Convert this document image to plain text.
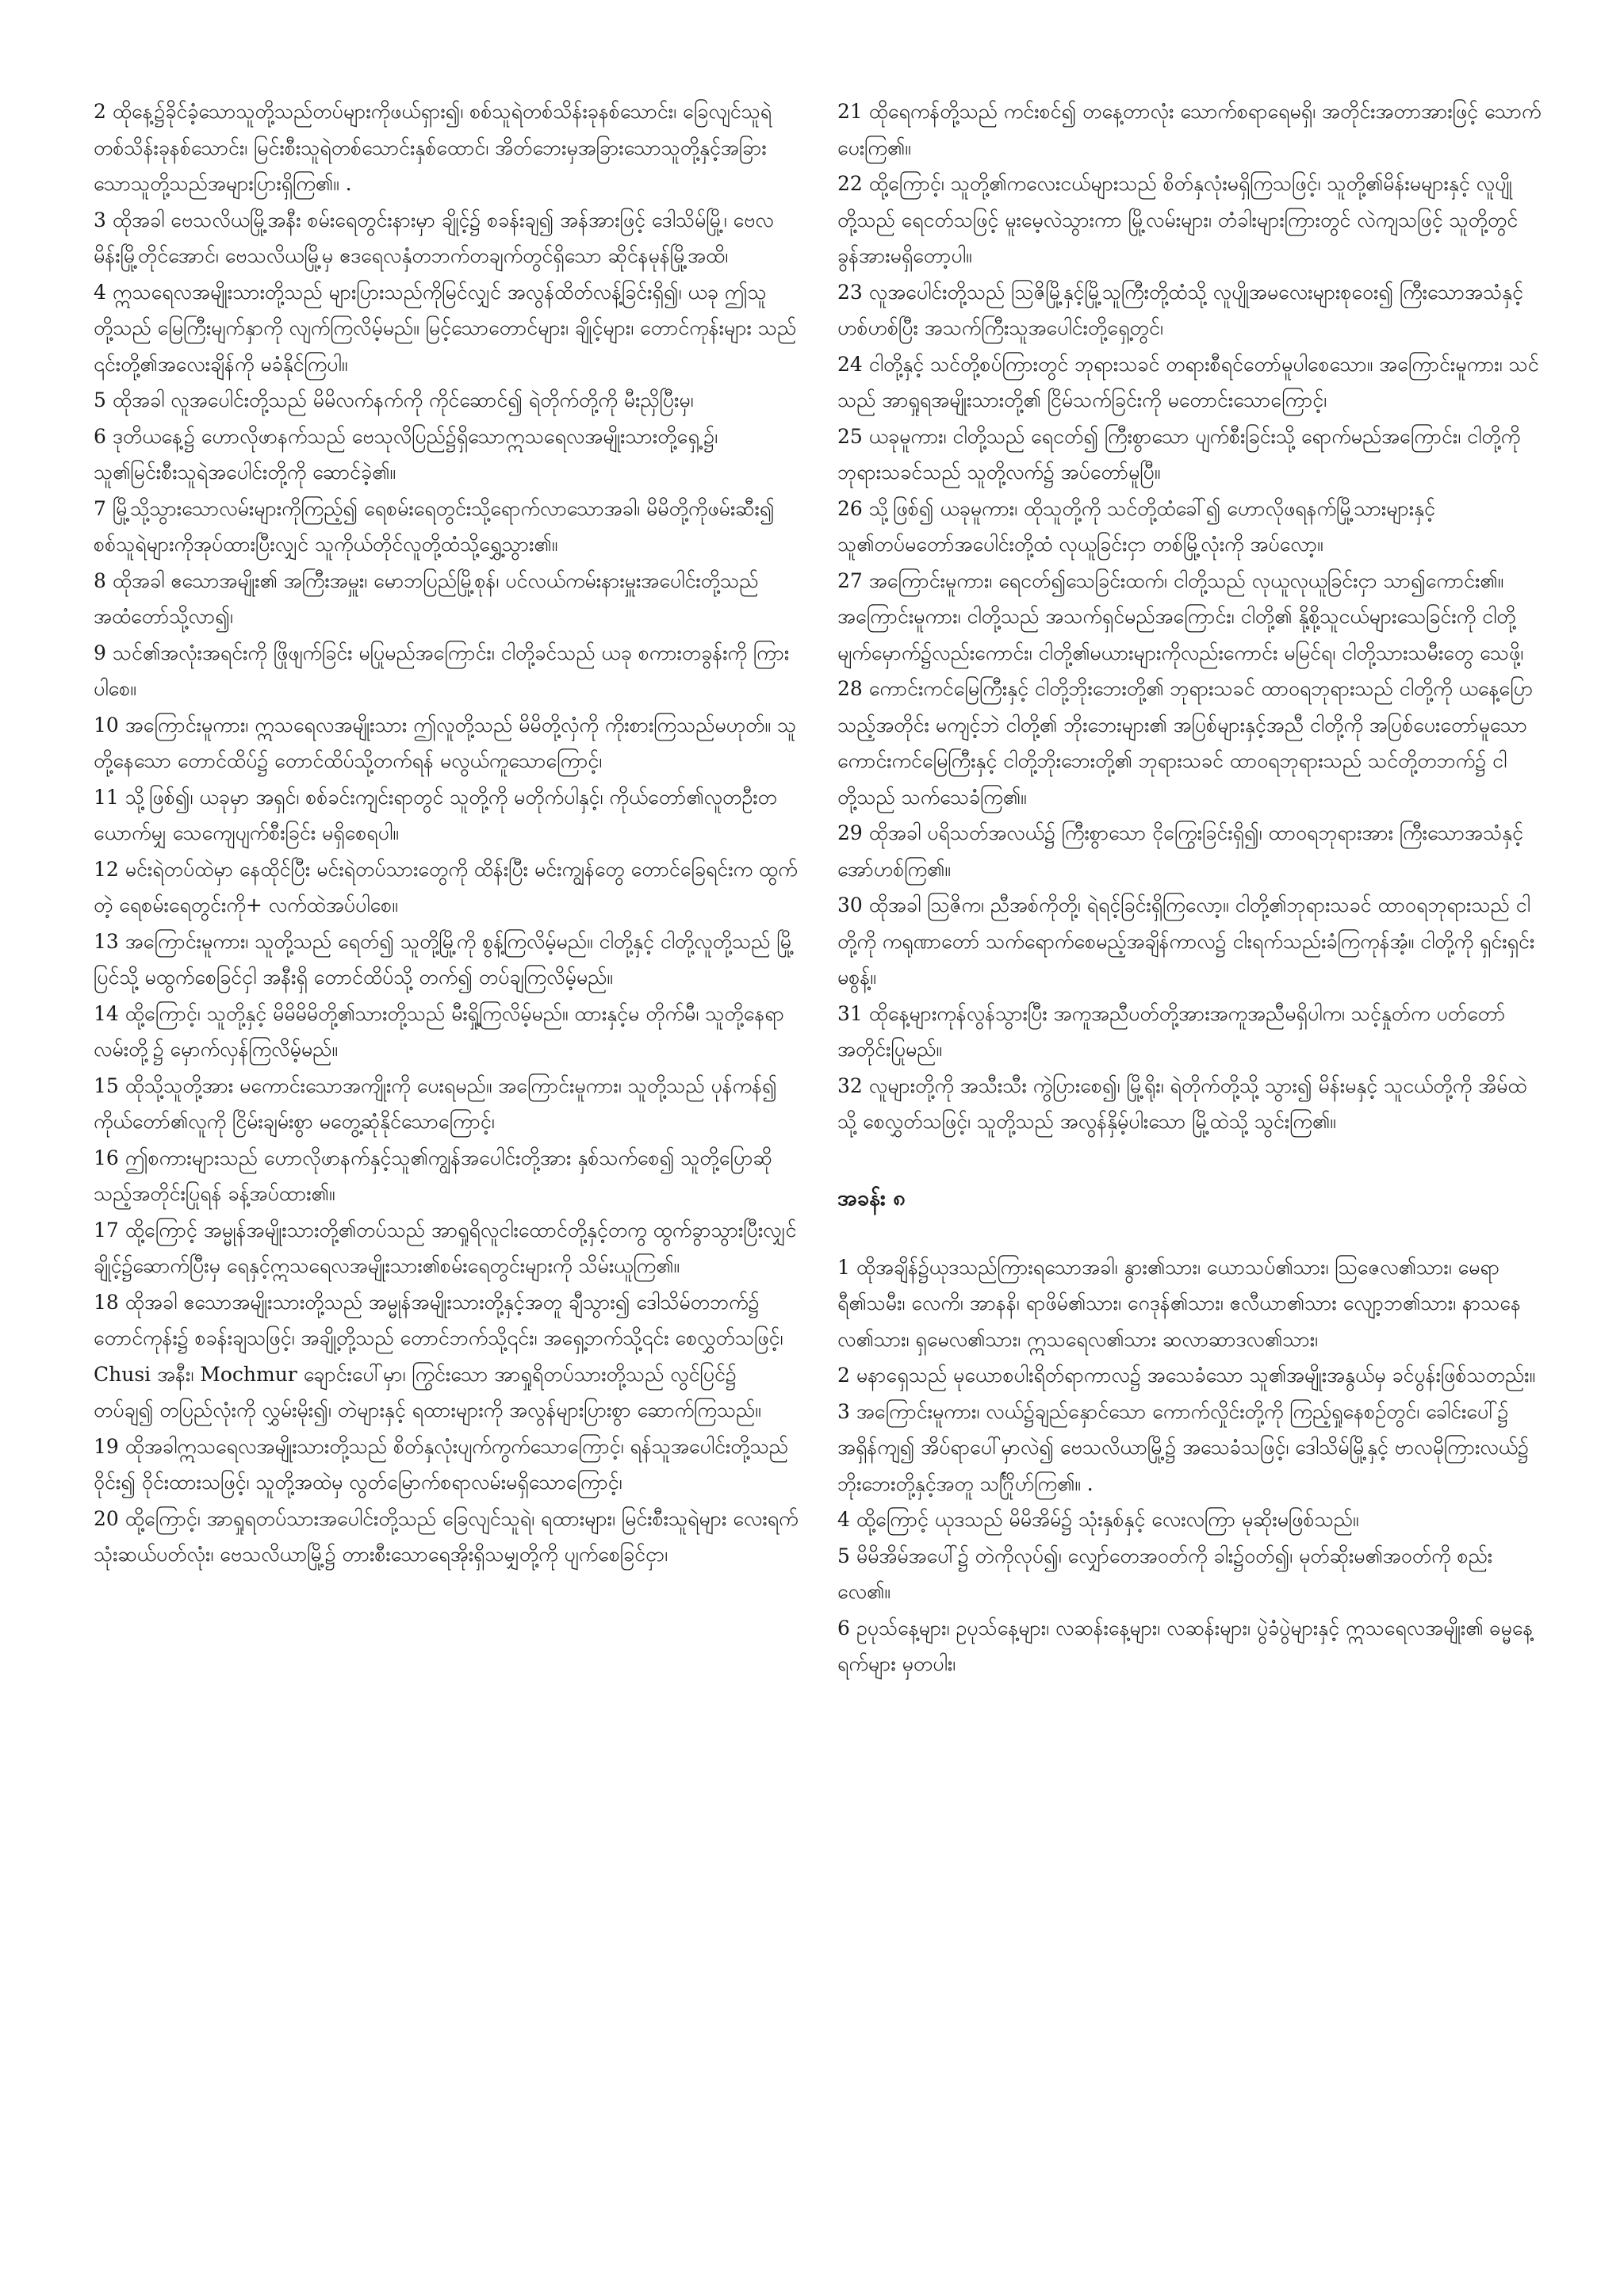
2 ထိုနေ့၌ခိုင်ခံ့သောသူတို့သည်တပ်များကိုဖယ်ရှား၍၊ စစ်သူရဲတစ်သိန်းခုနစ်သောင်း၊ ခြေလျင်သူရဲတစ်သိန်းခုနစ်သောင်း၊ မြင်းစီးသူရဲတစ်သောင်းနှစ်ထောင်၊ အိတ်ဘေးမှအခြားသောသူတို့နှင့်အခြားသောသူတို့သည်အများပြားရှိကြ၏။ .

3 ထိုအခါ ဗေသလိယမြို့အနီး စမ်းရေတွင်းနားမှာ ချိုင့်၌ စခန်းချ၍ အန်အားဖြင့် ဒေါသိမ်မြို့၊ ဗေလမိန်းမြို့တိုင်အောင်၊ ဗေသလိယမြို့မှ ဧဒရေလနှံတဘက်တချက်တွင်ရှိသော ဆိုင်နမုန်မြို့အထိ၊

4 ဣသရေလအမျိုးသားတို့သည် များပြားသည်ကိုမြင်လျှင် အလွန်ထိတ်လန့်ခြင်းရှိ၍၊ ယခု ဤသူတို့သည် မြေကြီးမျက်နှာကို လျက်ကြလိမ့်မည်။ မြင့်သောတောင်များ၊ ချိုင့်များ၊ တောင်ကုန်းများ သည် ၎င်းတို့၏အလေးချိန်ကို မခံနိုင်ကြပါ။

5 ထိုအခါ လူအပေါင်းတို့သည် မိမိလက်နက်ကို ကိုင်ဆောင်၍ ရဲတိုက်တို့ကို မီးညှိပြီးမှ၊

6 ဒုတိယနေ့၌ ဟောလိုဖာနက်သည် ဗေသုလိပြည်၌ရှိသောဣသရေလအမျိုးသားတို့ရှေ့၌၊ သူ၏မြင်းစီးသူရဲအပေါင်းတို့ကို ဆောင်ခဲ့၏။

7 မြို့သို့သွားသောလမ်းများကိုကြည့်၍ ရေစမ်းရေတွင်းသို့ရောက်လာသောအခါ၊ မိမိတို့ကိုဖမ်းဆီး၍ စစ်သူရဲများကိုအုပ်ထားပြီးလျှင် သူကိုယ်တိုင်လူတို့ထံသို့ရွှေ့သွား၏။

8 ထိုအခါ ဧသောအမျိုး၏ အကြီးအမှူး၊ မောဘပြည်မြို့စုန်၊ ပင်လယ်ကမ်းနားမှူးအပေါင်းတို့သည် အထံတော်သို့လာ၍၊

9 သင်၏အလုံးအရင်းကို ဖြိုဖျက်ခြင်း မပြုမည်အကြောင်း၊ ငါတို့ခင်သည် ယခု စကားတခွန်းကို ကြားပါစေ။

10 အကြောင်းမူကား၊ ဣသရေလအမျိုးသား ဤလူတို့သည် မိမိတို့လှံကို ကိုးစားကြသည်မဟုတ်။ သူတို့နေသော တောင်ထိပ်၌ တောင်ထိပ်သို့တက်ရန် မလွယ်ကူသောကြောင့်၊

11 သို့ဖြစ်၍၊ ယခုမှာ အရှင်၊ စစ်ခင်းကျင်းရာတွင် သူတို့ကို မတိုက်ပါနှင့်၊ ကိုယ်တော်၏လူတဦးတယောက်မျှ သေကျေပျက်စီးခြင်း မရှိစေရပါ။

12 မင်းရဲတပ်ထဲမှာ နေထိုင်ပြီး မင်းရဲတပ်သားတွေကို ထိန်းပြီး မင်းကျွန်တွေ တောင်ခြေရင်းက ထွက်တဲ့ ရေစမ်းရေတွင်းကို+ လက်ထဲအပ်ပါစေ။

13 အကြောင်းမူကား၊ သူတို့သည် ရေတ်၍ သူတို့မြို့ကို စွန့်ကြလိမ့်မည်။ ငါတို့နှင့် ငါတို့လူတို့သည် မြို့ပြင်သို့ မထွက်စေခြင်ငှါ အနီးရှိ တောင်ထိပ်သို့ တက်၍ တပ်ချကြလိမ့်မည်။

14 ထို့ကြောင့်၊ သူတို့နှင့် မိမိမိမိတို့၏သားတို့သည် မီးရှို့ကြလိမ့်မည်။ ထားနှင့်မ တိုက်မီ၊ သူတို့နေရာလမ်းတို့၌ မှောက်လှန်ကြလိမ့်မည်။

15 ထိုသို့သူတို့အား မကောင်းသောအကျိုးကို ပေးရမည်။ အကြောင်းမူကား၊ သူတို့သည် ပုန်ကန်၍ ကိုယ်တော်၏လူကို ငြိမ်းချမ်းစွာ မတွေ့ဆုံနိုင်သောကြောင့်၊

16 ဤစကားများသည် ဟောလိုဖာနက်နှင့်သူ၏ကျွန်အပေါင်းတို့အား နှစ်သက်စေ၍ သူတို့ပြောဆိုသည့်အတိုင်းပြုရန် ခန့်အပ်ထား၏။

17 ထို့ကြောင့် အမ္မုန်အမျိုးသားတို့၏တပ်သည် အာရှုရိလူငါးထောင်တို့နှင့်တကွ ထွက်ခွာသွားပြီးလျှင် ချိုင့်၌ဆောက်ပြီးမှ ရေနှင့်ဣသရေလအမျိုးသား၏စမ်းရေတွင်းများကို သိမ်းယူကြ၏။

18 ထိုအခါ ဧသောအမျိုးသားတို့သည် အမ္မုန်အမျိုးသားတို့နှင့်အတူ ချီသွား၍ ဒေါသိမ်တဘက်၌ တောင်ကုန်း၌ စခန်းချသဖြင့်၊ အချို့တို့သည် တောင်ဘက်သို့၎င်း၊ အရှေ့ဘက်သို့၎င်း စေလွှတ်သဖြင့်၊ Chusi အနီး၊ Mochmur ချောင်းပေါ်မှာ၊ ကြွင်းသော အာရှုရိတပ်သားတို့သည် လွင်ပြင်၌ တပ်ချ၍ တပြည်လုံးကို လွှမ်းမိုး၍၊ တဲများနှင့် ရထားများကို အလွန်များပြားစွာ ဆောက်ကြသည်။

19 ထိုအခါဣသရေလအမျိုးသားတို့သည် စိတ်နှလုံးပျက်ကွက်သောကြောင့်၊ ရန်သူအပေါင်းတို့သည် ဝိုင်း၍ ဝိုင်းထားသဖြင့်၊ သူတို့အထဲမှ လွတ်မြောက်စရာလမ်းမရှိသောကြောင့်၊

20 ထို့ကြောင့်၊ အာရှုရတပ်သားအပေါင်းတို့သည် ခြေလျင်သူရဲ၊ ရထားများ၊ မြင်းစီးသူရဲများ လေးရက်သုံးဆယ်ပတ်လုံး၊ ဗေသလိယာမြို့၌ တားစီးသောရေအိုးရှိသမျှတို့ကို ပျက်စေခြင်ငှာ၊

21 ထိုရေကန်တို့သည် ကင်းစင်၍ တနေ့တာလုံး သောက်စရာရေမရှိ၊ အတိုင်းအတာအားဖြင့် သောက်ပေးကြ၏။

22 ထို့ကြောင့်၊ သူတို့၏ကလေးငယ်များသည် စိတ်နှလုံးမရှိကြသဖြင့်၊ သူတို့၏မိန်းမများနှင့် လူပျိုတို့သည် ရေငတ်သဖြင့် မူးမေ့လဲသွားကာ မြို့လမ်းများ၊ တံခါးများကြားတွင် လဲကျသဖြင့် သူတို့တွင် ခွန်အားမရှိတော့ပါ။

23 လူအပေါင်းတို့သည် ဩဇိမြို့နှင့်မြို့သူကြီးတို့ထံသို့ လူပျိုအမလေးများစုဝေး၍ ကြီးသောအသံနှင့်ဟစ်ဟစ်ပြီး အသက်ကြီးသူအပေါင်းတို့ရှေ့တွင်၊

24 ငါတို့နှင့် သင်တို့စပ်ကြားတွင် ဘုရားသခင် တရားစီရင်တော်မူပါစေသော။ အကြောင်းမူကား၊ သင်သည် အာရှုရအမျိုးသားတို့၏ ငြိမ်သက်ခြင်းကို မတောင်းသောကြောင့်၊

25 ယခုမူကား၊ ငါတို့သည် ရေငတ်၍ ကြီးစွာသော ပျက်စီးခြင်းသို့ ရောက်မည်အကြောင်း၊ ငါတို့ကို ဘုရားသခင်သည် သူတို့လက်၌ အပ်တော်မူပြီ။

26 သို့ဖြစ်၍ ယခုမူကား၊ ထိုသူတို့ကို သင်တို့ထံခေါ်၍ ဟောလိုဖရနက်မြို့သားများနှင့် သူ၏တပ်မတော်အပေါင်းတို့ထံ လုယူခြင်းငှာ တစ်မြို့လုံးကို အပ်လော့။

27 အကြောင်းမူကား၊ ရေငတ်၍သေခြင်းထက်၊ ငါတို့သည် လုယူလုယူခြင်းငှာ သာ၍ကောင်း၏။ အကြောင်းမူကား၊ ငါတို့သည် အသက်ရှင်မည်အကြောင်း၊ ငါတို့၏ နို့စို့သူငယ်များသေခြင်းကို ငါတို့မျက်မှောက်၌လည်းကောင်း၊ ငါတို့၏မယားများကိုလည်းကောင်း မမြင်ရ၊ ငါတို့သားသမီးတွေ သေဖို့၊

28 ကောင်းကင်မြေကြီးနှင့် ငါတို့ဘိုးဘေးတို့၏ ဘုရားသခင် ထာဝရဘုရားသည် ငါတို့ကို ယနေ့ပြောသည့်အတိုင်း မကျင့်ဘဲ ငါတို့၏ ဘိုးဘေးများ၏ အပြစ်များနှင့်အညီ ငါတို့ကို အပြစ်ပေးတော်မူသော ကောင်းကင်မြေကြီးနှင့် ငါတို့ဘိုးဘေးတို့၏ ဘုရားသခင် ထာဝရဘုရားသည် သင်တို့တဘက်၌ ငါတို့သည် သက်သေခံကြ၏။

29 ထိုအခါ ပရိသတ်အလယ်၌ ကြီးစွာသော ငိုကြွေးခြင်းရှိ၍၊ ထာဝရဘုရားအား ကြီးသောအသံနှင့်အော်ဟစ်ကြ၏။

30 ထိုအခါ ဩဇိက၊ ညီအစ်ကိုတို့၊ ရဲရင့်ခြင်းရှိကြလော့။ ငါတို့၏ဘုရားသခင် ထာဝရဘုရားသည် ငါတို့ကို ကရုဏာတော် သက်ရောက်စေမည့်အချိန်ကာလ၌ ငါးရက်သည်းခံကြကုန်အံ့။ ငါတို့ကို ရှင်းရှင်းမစွန့်။

31 ထိုနေ့များကုန်လွန်သွားပြီး အကူအညီပတ်တို့အားအကူအညီမရှိပါက၊ သင့်နှုတ်က ပတ်တော်အတိုင်းပြုမည်။

32 လူများတို့ကို အသီးသီး ကွဲပြားစေ၍၊ မြို့ရိုး၊ ရဲတိုက်တို့သို့ သွား၍ မိန်းမနှင့် သူငယ်တို့ကို အိမ်ထဲသို့ စေလွှတ်သဖြင့်၊ သူတို့သည် အလွန်နှိမ့်ပါးသော မြို့ထဲသို့ သွင်းကြ၏။

အခန်း ၈

1 ထိုအချိန်၌ယုဒသည်ကြားရသောအခါ၊ နွား၏သား၊ ယောသပ်၏သား၊ ဩဇေလ၏သား၊ မေရာရီ၏သမီး၊ လေကိ၊ အာနနိ၊ ရာဖိမ်၏သား၊ ဂေဒုန်၏သား၊ ဧလီယာ၏သား လျော့ဘ၏သား၊ နာသနေလ၏သား၊ ရှမေလ၏သား၊ ဣသရေလ၏သား ဆလာဆာဒလ၏သား၊

2 မနာရှေသည် မုယောစပါးရိတ်ရာကာလ၌ အသေခံသော သူ၏အမျိုးအနွယ်မှ ခင်ပွန်းဖြစ်သတည်း။

3 အကြောင်းမူကား၊ လယ်၌ချည်နှောင်သော ကောက်လှိုင်းတို့ကို ကြည့်ရှုနေစဉ်တွင်၊ ခေါင်းပေါ်၌ အရှိန်ကျ၍ အိပ်ရာပေါ်မှာလဲ၍ ဗေသလိယာမြို့၌ အသေခံသဖြင့်၊ ဒေါသိမ်မြို့နှင့် ဗာလမိုကြားလယ်၌ ဘိုးဘေးတို့နှင့်အတူ သင်္ဂြိုဟ်ကြ၏။ .

4 ထို့ကြောင့် ယုဒသည် မိမိအိမ်၌ သုံးနှစ်နှင့် လေးလကြာ မုဆိုးမဖြစ်သည်။

5 မိမိအိမ်အပေါ်၌ တဲကိုလုပ်၍၊ လျှော်တေအဝတ်ကို ခါး၌ဝတ်၍၊ မုတ်ဆိုးမ၏အဝတ်ကို စည်းလေ၏။

6 ဥပုသ်နေ့များ၊ ဥပုသ်နေ့များ၊ လဆန်းနေ့များ၊ လဆန်းများ၊ ပွဲခံပွဲများနှင့် ဣသရေလအမျိုး၏ ဓမ္မနေ့ရက်များ မှတပါး၊
